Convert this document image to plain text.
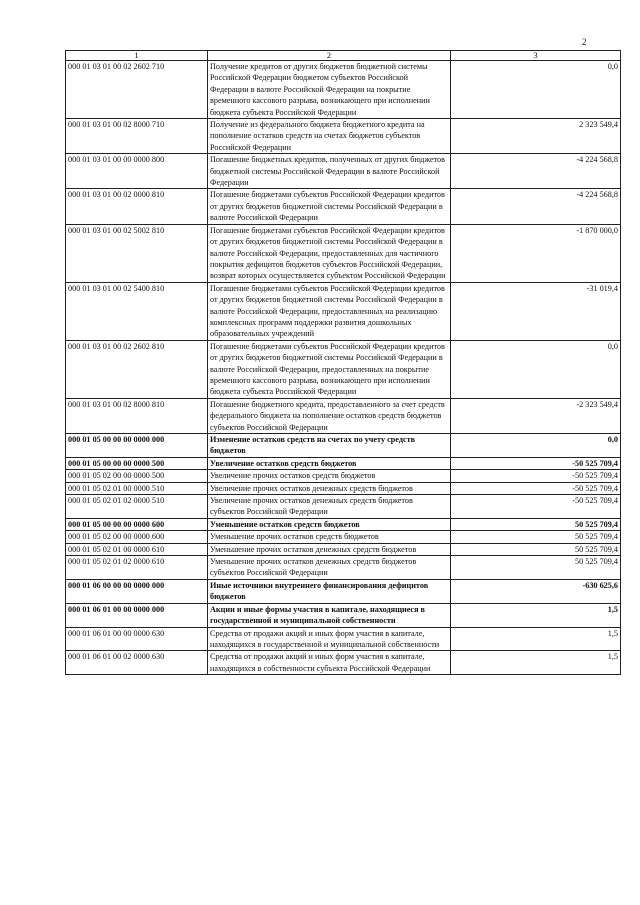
2
1	2	3
000 01 03 01 00 02 2602 710	Получение кредитов от других бюджетов бюджетной системы Российской Федерации бюджетом субъектов Российской Федерации в валюте Российской Федерации на покрытие временного кассового разрыва, возникающего при исполнении бюджета субъекта Российской Федерации	0,0
000 01 03 01 00 02 8000 710	Получение из федерального бюджета бюджетного кредита на пополнение остатков средств на счетах бюджетов субъектов Российской Федерации	2 323 549,4
000 01 03 01 00 00 0000 800	Погашение бюджетных кредитов, полученных от других бюджетов бюджетной системы Российской Федерации в валюте Российской Федерации	-4 224 568,8
000 01 03 01 00 02 0000 810	Погашение бюджетами субъектов Российской Федерации кредитов от других бюджетов бюджетной системы Российской Федерации в валюте Российской Федерации	-4 224 568,8
000 01 03 01 00 02 5002 810	Погашение бюджетами субъектов Российской Федерации кредитов от других бюджетов бюджетной системы Российской Федерации в валюте Российской Федерации, предоставленных для частичного покрытия дефицитов бюджетов субъектов Российской Федерации, возврат которых осуществляется субъектом Российской Федерации	-1 870 000,0
000 01 03 01 00 02 5400 810	Погашение бюджетами субъектов Российской Федерации кредитов от других бюджетов бюджетной системы Российской Федерации в валюте Российской Федерации, предоставленных на реализацию комплексных программ поддержки развития дошкольных образовательных учреждений	-31 019,4
000 01 03 01 00 02 2602 810	Погашение бюджетами субъектов Российской Федерации кредитов от других бюджетов бюджетной системы Российской Федерации в валюте Российской Федерации, предоставленных на покрытие временного кассового разрыва, возникающего при исполнении бюджета субъекта Российской Федерации	0,0
000 01 03 01 00 02 8000 810	Погашение бюджетного кредита, предоставленного за счет средств федерального бюджета на пополнение остатков средств бюджетов субъектов Российской Федерации	-2 323 549,4
000 01 05 00 00 00 0000 000	Изменение остатков средств на счетах по учету средств бюджетов	0,0
000 01 05 00 00 00 0000 500	Увеличение остатков средств бюджетов	-50 525 709,4
000 01 05 02 00 00 0000 500	Увеличение прочих остатков средств бюджетов	-50 525 709,4
000 01 05 02 01 00 0000 510	Увеличение прочих остатков денежных средств бюджетов	-50 525 709,4
000 01 05 02 01 02 0000 510	Увеличение прочих остатков денежных средств бюджетов субъектов Российской Федерации	-50 525 709,4
000 01 05 00 00 00 0000 600	Уменьшение остатков средств бюджетов	50 525 709,4
000 01 05 02 00 00 0000 600	Уменьшение прочих остатков средств бюджетов	50 525 709,4
000 01 05 02 01 00 0000 610	Уменьшение прочих остатков денежных средств бюджетов	50 525 709,4
000 01 05 02 01 02 0000 610	Уменьшение прочих остатков денежных средств бюджетов субъектов Российской Федерации	50 525 709,4
000 01 06 00 00 00 0000 000	Иные источники внутреннего финансирования дефицитов бюджетов	-630 625,6
000 01 06 01 00 00 0000 000	Акции и иные формы участия в капитале, находящиеся в государственной и муниципальной собственности	1,5
000 01 06 01 00 00 0000 630	Средства от продажи акций и иных форм участия в капитале, находящихся в государственной и муниципальной собственности	1,5
000 01 06 01 00 02 0000 630	Средства от продажи акций и иных форм участия в капитале, находящихся в собственности субъекта Российской Федерации	1,5
